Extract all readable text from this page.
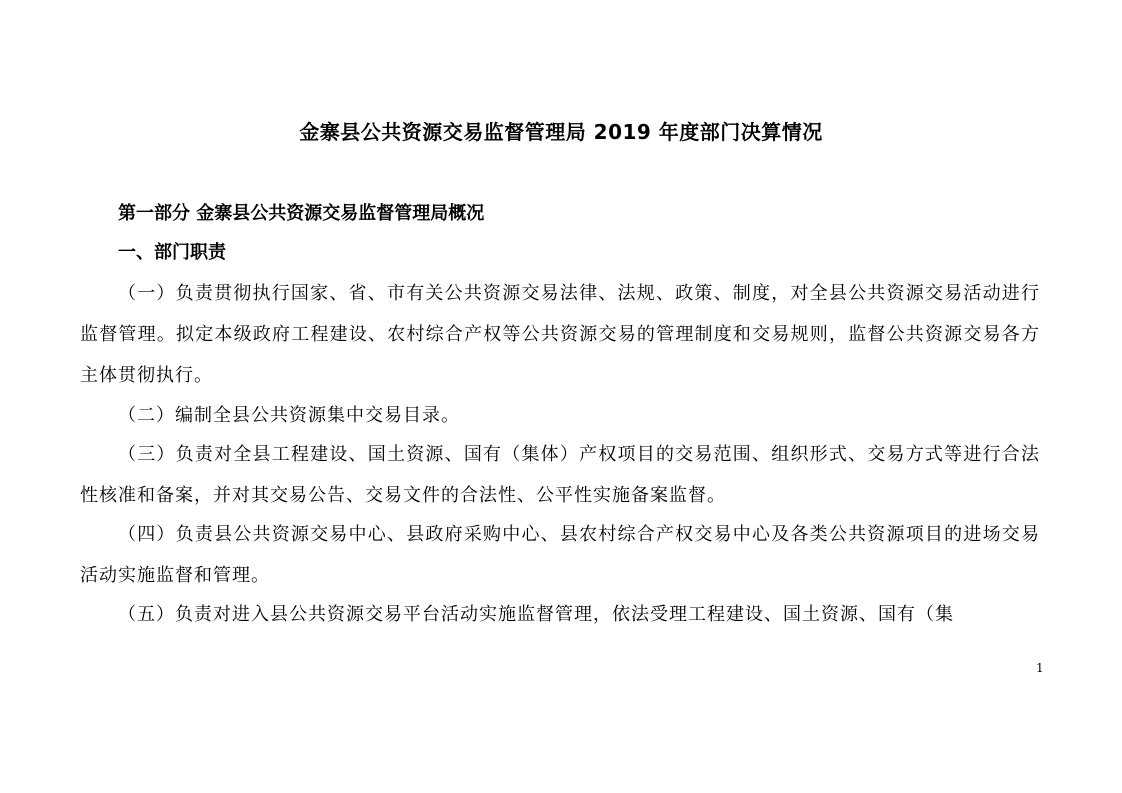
金寨县公共资源交易监督管理局 2019 年度部门决算情况
第一部分 金寨县公共资源交易监督管理局概况
一、部门职责

（一）负责贯彻执行国家、省、市有关公共资源交易法律、法规、政策、制度，对全县公共资源交易活动进行监督管理。拟定本级政府工程建设、农村综合产权等公共资源交易的管理制度和交易规则，监督公共资源交易各方主体贯彻执行。

（二）编制全县公共资源集中交易目录。

（三）负责对全县工程建设、国土资源、国有（集体）产权项目的交易范围、组织形式、交易方式等进行合法性核准和备案，并对其交易公告、交易文件的合法性、公平性实施备案监督。

（四）负责县公共资源交易中心、县政府采购中心、县农村综合产权交易中心及各类公共资源项目的进场交易活动实施监督和管理。

（五）负责对进入县公共资源交易平台活动实施监督管理，依法受理工程建设、国土资源、国有（集

1
